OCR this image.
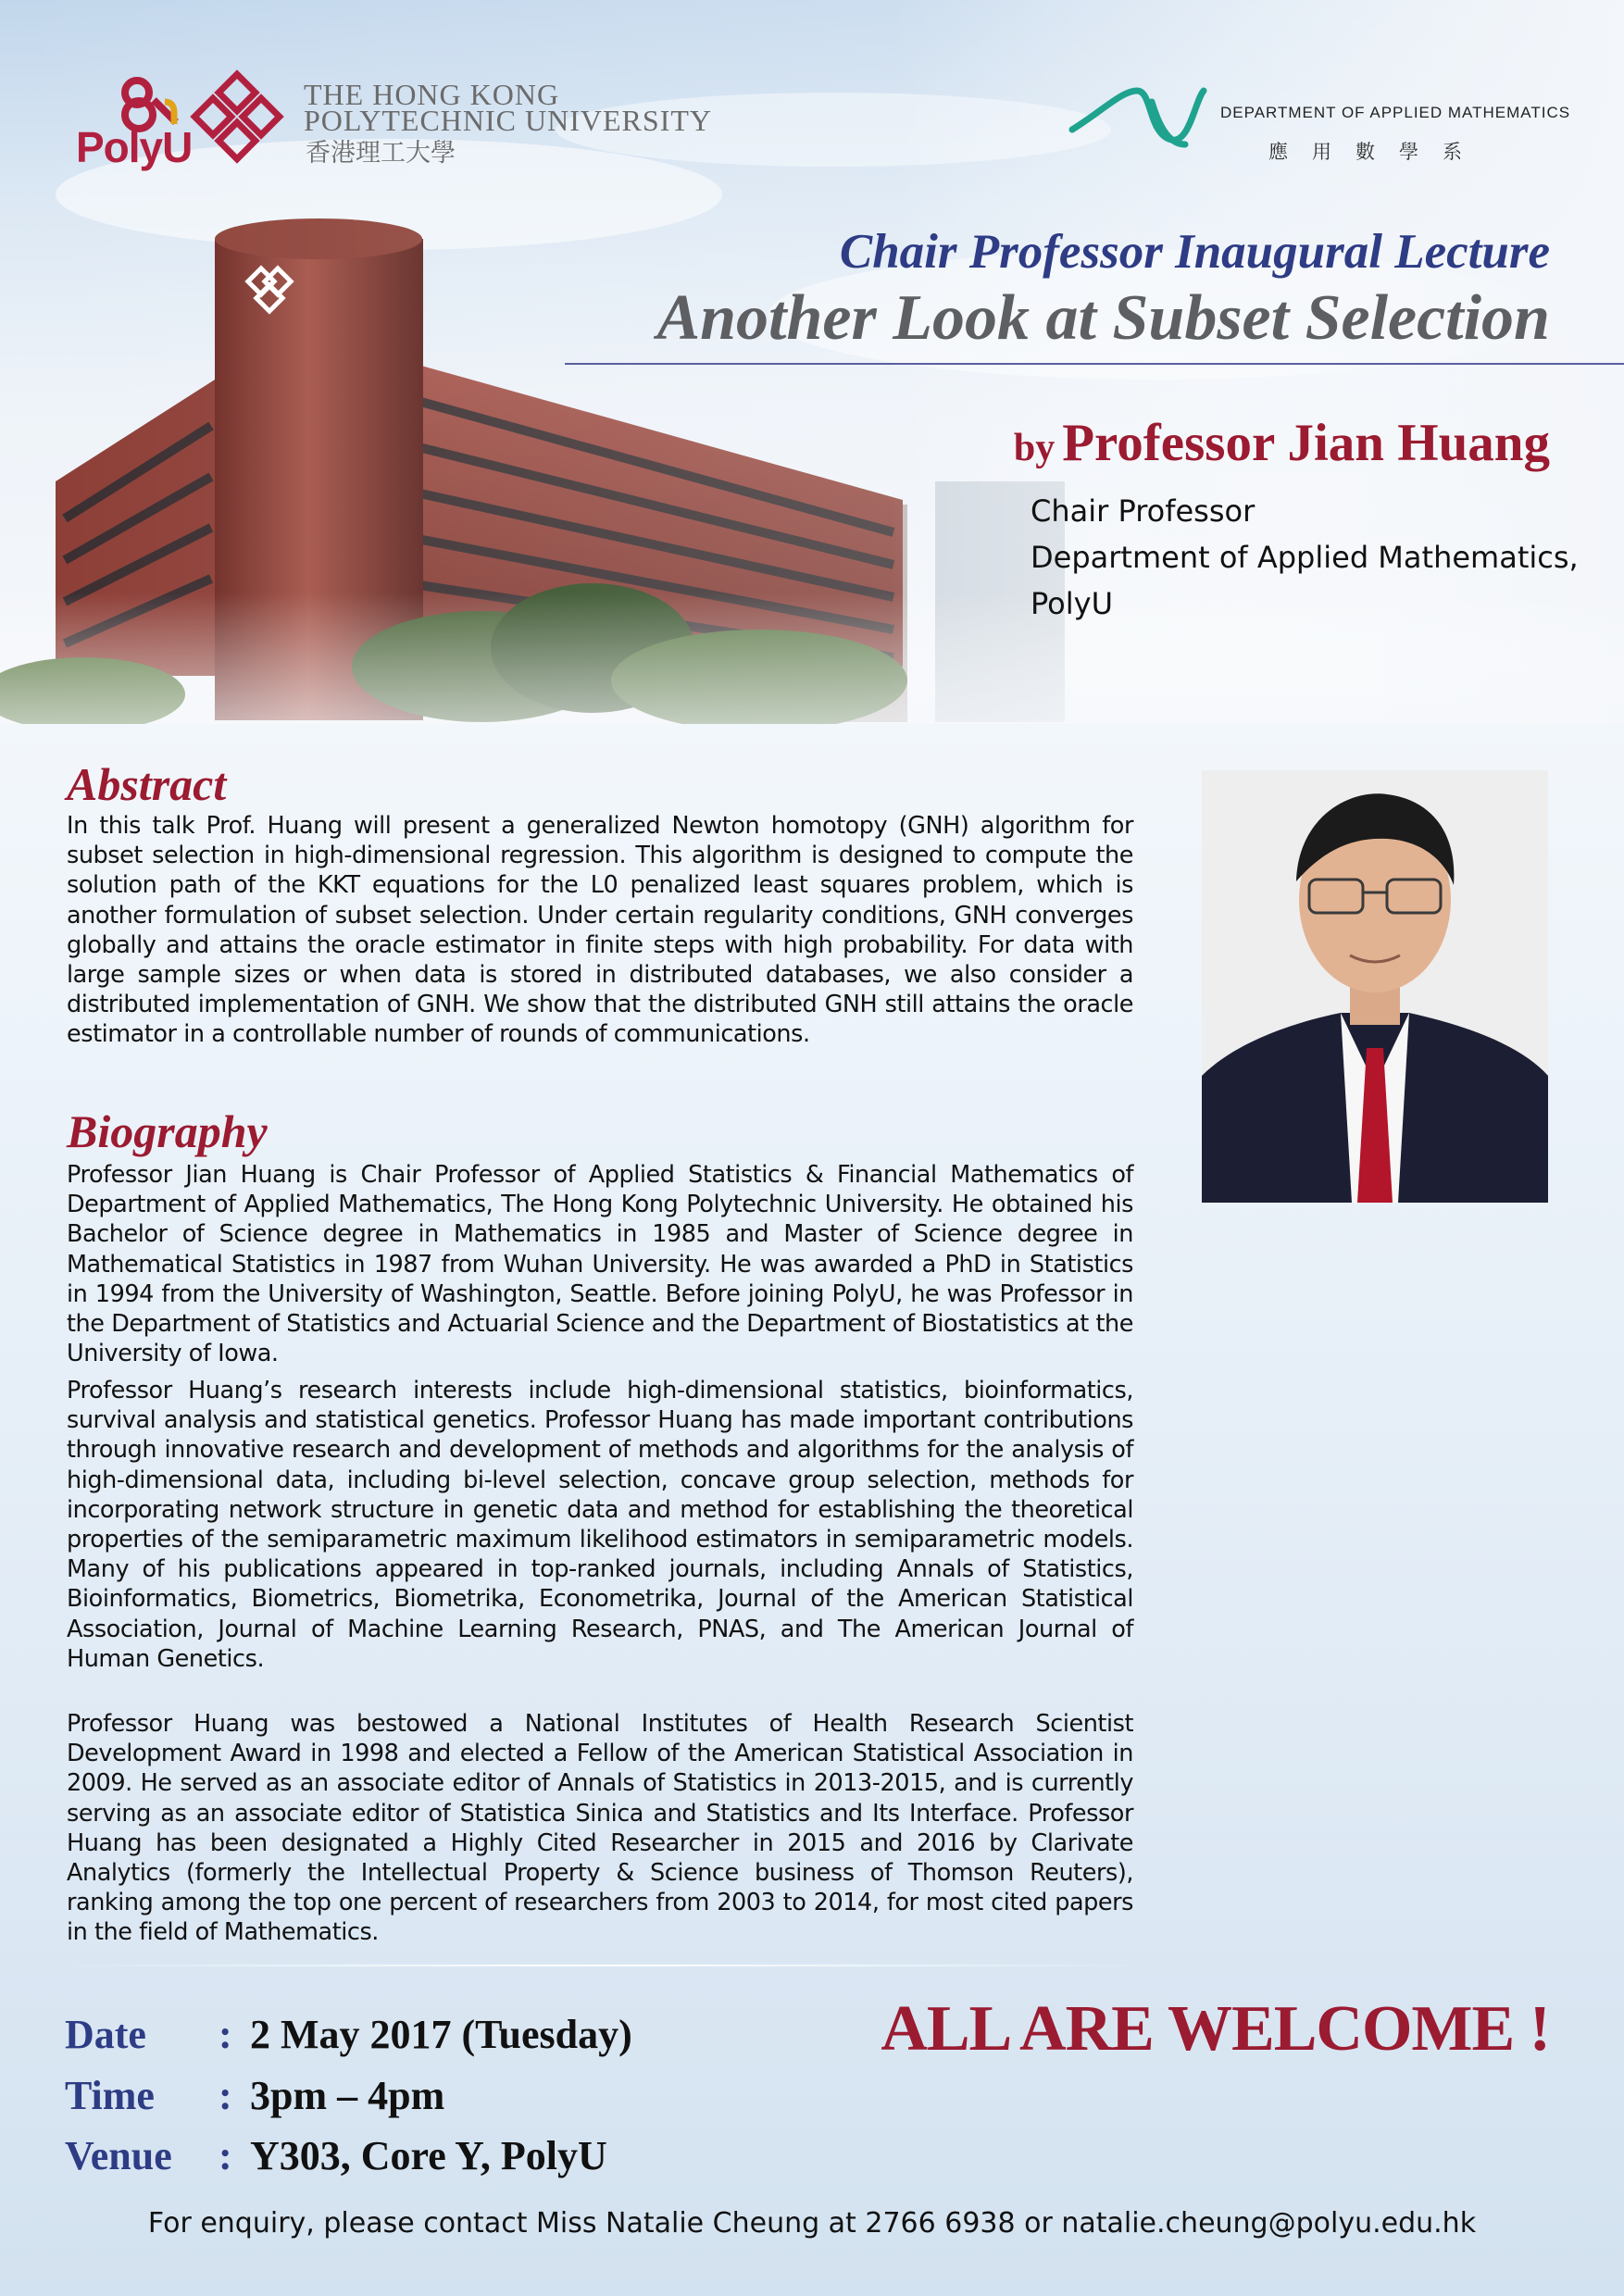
PolyU
THE HONG KONG
POLYTECHNIC UNIVERSITY
香港理工大學
DEPARTMENT OF APPLIED MATHEMATICS
應用數學系
Chair Professor Inaugural Lecture
Another Look at Subset Selection
by Professor Jian Huang
Chair Professor
Department of Applied Mathematics,
PolyU
Abstract

In this talk Prof. Huang will present a generalized Newton homotopy (GNH) algorithm for subset selection in high-dimensional regression. This algorithm is designed to compute the solution path of the KKT equations for the L0 penalized least squares problem, which is another formulation of subset selection. Under certain regularity conditions, GNH converges globally and attains the oracle estimator in finite steps with high probability. For data with large sample sizes or when data is stored in distributed databases, we also consider a distributed implementation of GNH. We show that the distributed GNH still attains the oracle estimator in a controllable number of rounds of communications.

Biography

Professor Jian Huang is Chair Professor of Applied Statistics & Financial Mathematics of Department of Applied Mathematics, The Hong Kong Polytechnic University. He obtained his Bachelor of Science degree in Mathematics in 1985 and Master of Science degree in Mathematical Statistics in 1987 from Wuhan University. He was awarded a PhD in Statistics in 1994 from the University of Washington, Seattle. Before joining PolyU, he was Professor in the Department of Statistics and Actuarial Science and the Department of Biostatistics at the University of Iowa.

Professor Huang’s research interests include high-dimensional statistics, bioinformatics, survival analysis and statistical genetics. Professor Huang has made important contributions through innovative research and development of methods and algorithms for the analysis of high-dimensional data, including bi-level selection, concave group selection, methods for incorporating network structure in genetic data and method for establishing the theoretical properties of the semiparametric maximum likelihood estimators in semiparametric models. Many of his publications appeared in top-ranked journals, including Annals of Statistics, Bioinformatics, Biometrics, Biometrika, Econometrika, Journal of the American Statistical Association, Journal of Machine Learning Research, PNAS, and The American Journal of Human Genetics.

Professor Huang was bestowed a National Institutes of Health Research Scientist Development Award in 1998 and elected a Fellow of the American Statistical Association in 2009. He served as an associate editor of Annals of Statistics in 2013-2015, and is currently serving as an associate editor of Statistica Sinica and Statistics and Its Interface. Professor Huang has been designated a Highly Cited Researcher in 2015 and 2016 by Clarivate Analytics (formerly the Intellectual Property & Science business of Thomson Reuters), ranking among the top one percent of researchers from 2003 to 2014, for most cited papers in the field of Mathematics.

Date : 2 May 2017 (Tuesday)
Time : 3pm – 4pm
Venue : Y303, Core Y, PolyU
ALL ARE WELCOME !
For enquiry, please contact Miss Natalie Cheung at 2766 6938 or natalie.cheung@polyu.edu.hk
